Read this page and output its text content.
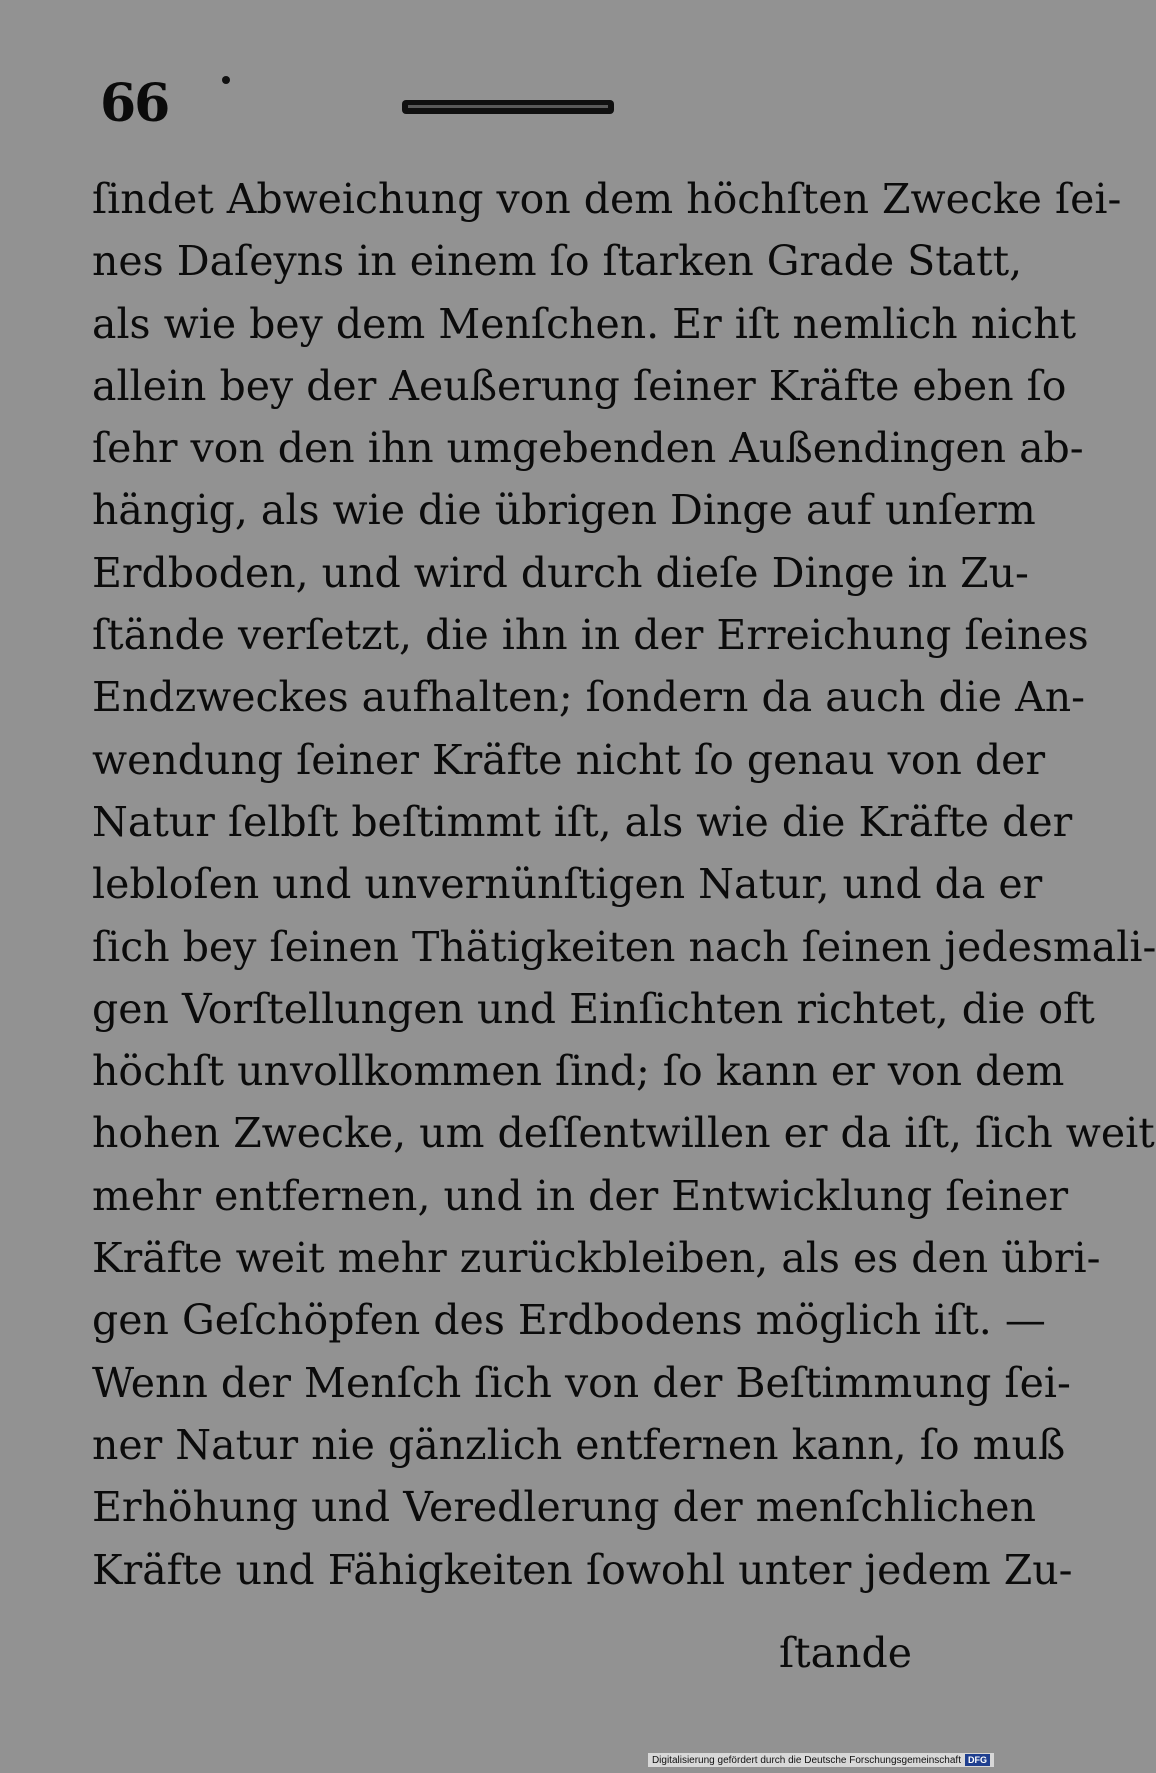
66
ſindet Abweichung von dem höchſten Zwecke ſei-
nes Daſeyns in einem ſo ſtarken Grade Statt,
als wie bey dem Menſchen. Er iſt nemlich nicht
allein bey der Aeußerung ſeiner Kräfte eben ſo
ſehr von den ihn umgebenden Außendingen ab-
hängig, als wie die übrigen Dinge auf unſerm
Erdboden, und wird durch dieſe Dinge in Zu-
ſtände verſetzt, die ihn in der Erreichung ſeines
Endzweckes aufhalten; ſondern da auch die An-
wendung ſeiner Kräfte nicht ſo genau von der
Natur ſelbſt beſtimmt iſt, als wie die Kräfte der
lebloſen und unvernünſtigen Natur, und da er
ſich bey ſeinen Thätigkeiten nach ſeinen jedesmali-
gen Vorſtellungen und Einſichten richtet, die oft
höchſt unvollkommen ſind; ſo kann er von dem
hohen Zwecke, um deſſentwillen er da iſt, ſich weit
mehr entfernen, und in der Entwicklung ſeiner
Kräfte weit mehr zurückbleiben, als es den übri-
gen Geſchöpfen des Erdbodens möglich iſt. —
Wenn der Menſch ſich von der Beſtimmung ſei-
ner Natur nie gänzlich entfernen kann, ſo muß
Erhöhung und Veredlerung der menſchlichen
Kräfte und Fähigkeiten ſowohl unter jedem Zu-
ſtande
Digitalisierung gefördert durch die Deutsche Forschungsgemeinschaft DFG
